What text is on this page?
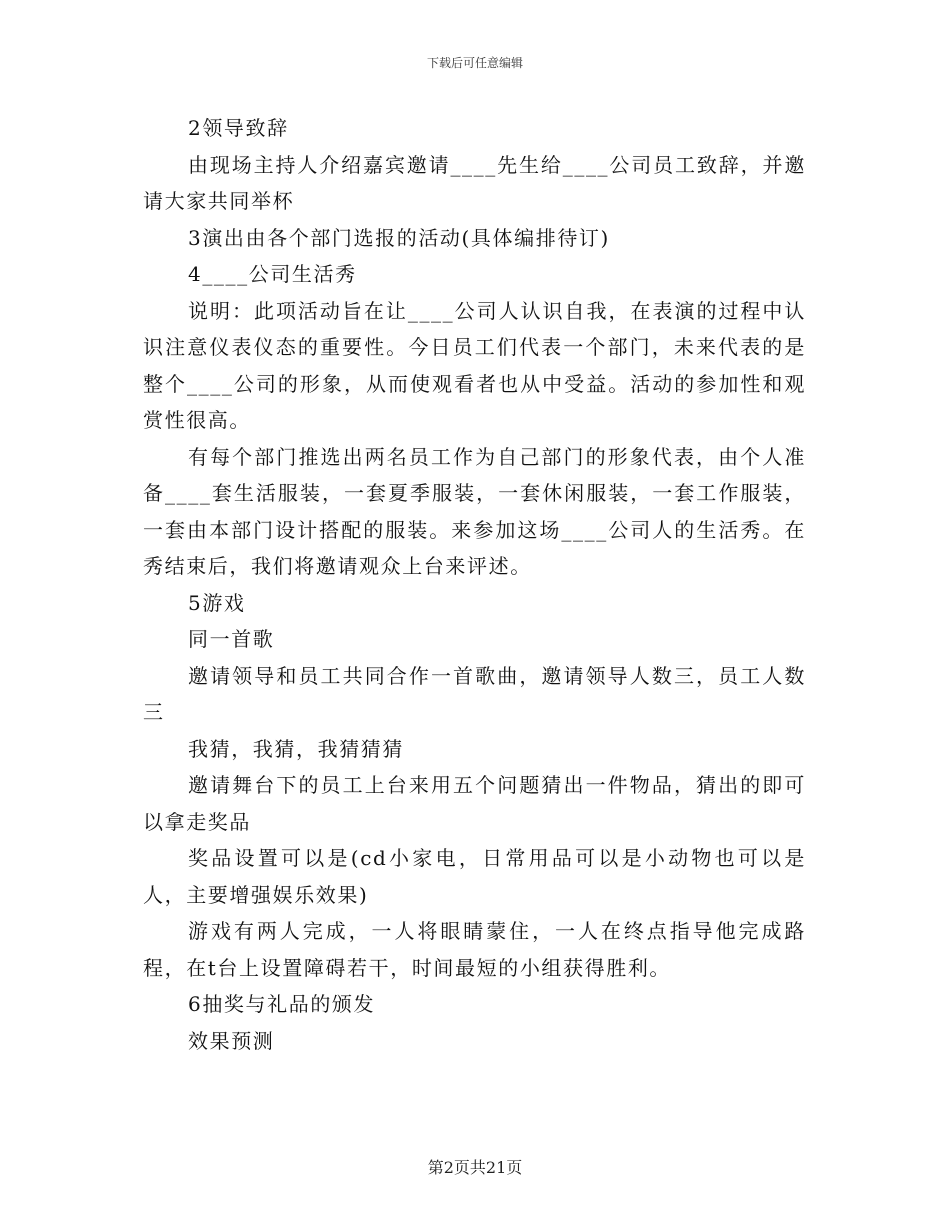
下载后可任意编辑

2领导致辞

由现场主持人介绍嘉宾邀请____先生给____公司员工致辞，并邀请大家共同举杯

3演出由各个部门选报的活动(具体编排待订)

4____公司生活秀

说明：此项活动旨在让____公司人认识自我，在表演的过程中认识注意仪表仪态的重要性。今日员工们代表一个部门，未来代表的是整个____公司的形象，从而使观看者也从中受益。活动的参加性和观赏性很高。

有每个部门推选出两名员工作为自己部门的形象代表，由个人准备____套生活服装，一套夏季服装，一套休闲服装，一套工作服装，一套由本部门设计搭配的服装。来参加这场____公司人的生活秀。在秀结束后，我们将邀请观众上台来评述。

5游戏

同一首歌

邀请领导和员工共同合作一首歌曲，邀请领导人数三，员工人数三

我猜，我猜，我猜猜猜

邀请舞台下的员工上台来用五个问题猜出一件物品，猜出的即可以拿走奖品

奖品设置可以是(cd小家电，日常用品可以是小动物也可以是人，主要增强娱乐效果)

游戏有两人完成，一人将眼睛蒙住，一人在终点指导他完成路程，在t台上设置障碍若干，时间最短的小组获得胜利。

6抽奖与礼品的颁发

效果预测

第2页共21页
